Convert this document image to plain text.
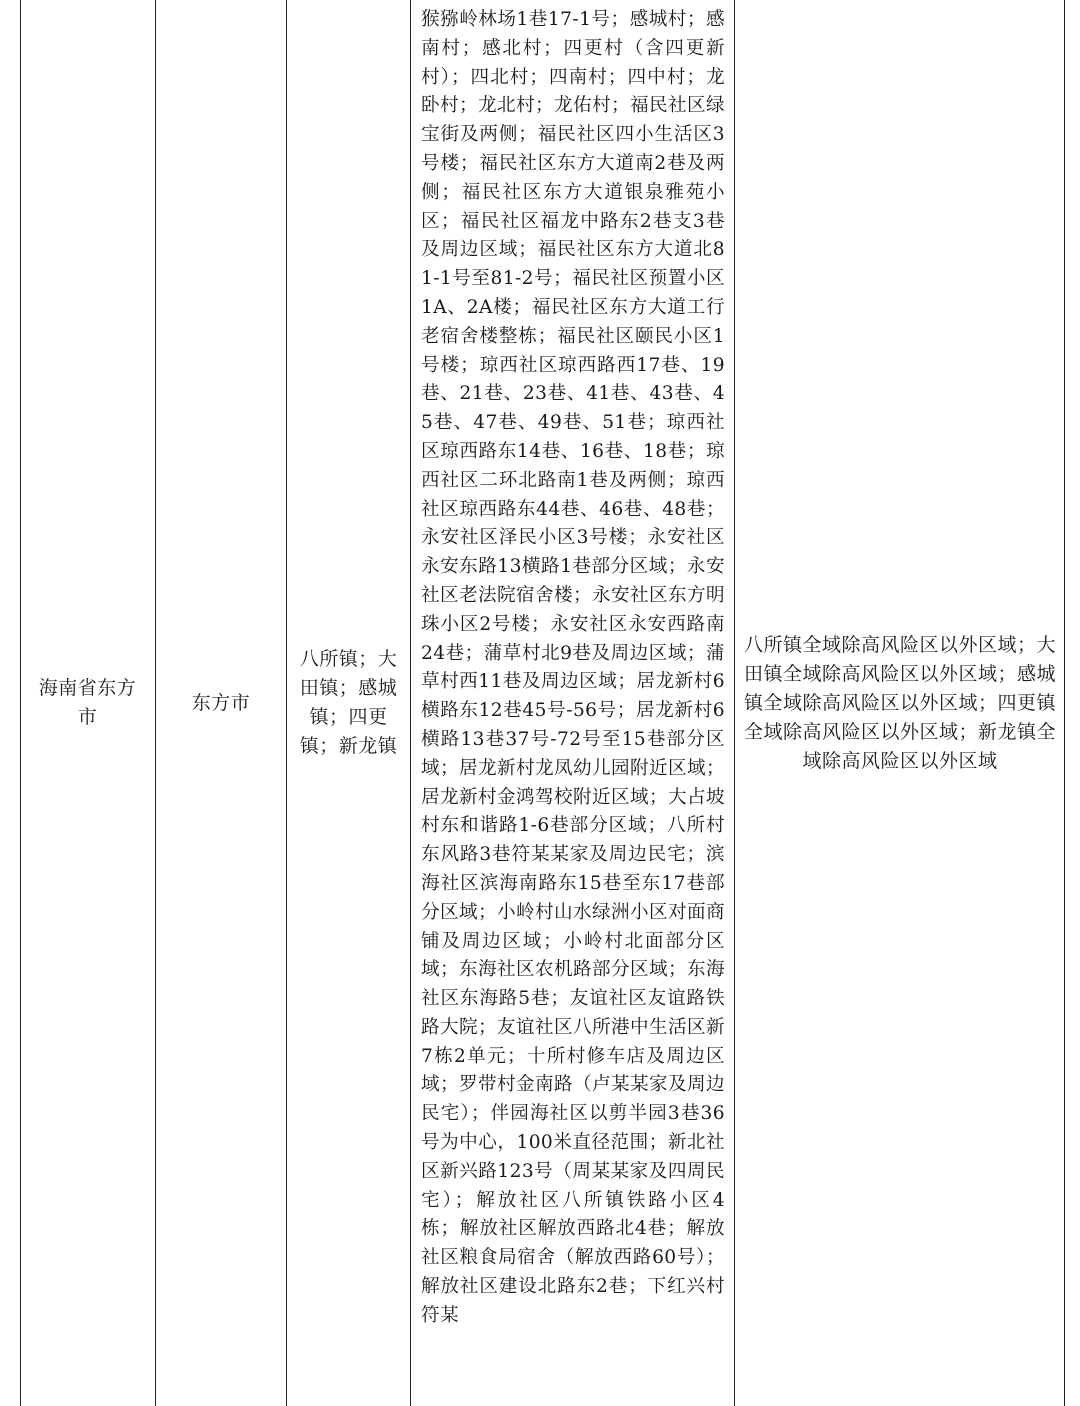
海南省东方市
东方市
八所镇；大田镇；感城镇；四更镇；新龙镇
猴猕岭林场1巷17-1号；感城村；感南村；感北村；四更村（含四更新村）；四北村；四南村；四中村；龙卧村；龙北村；龙佑村；福民社区绿宝街及两侧；福民社区四小生活区3号楼；福民社区东方大道南2巷及两侧；福民社区东方大道银泉雅苑小区；福民社区福龙中路东2巷支3巷及周边区域；福民社区东方大道北81-1号至81-2号；福民社区预置小区1A、2A楼；福民社区东方大道工行老宿舍楼整栋；福民社区颐民小区1号楼；琼西社区琼西路西17巷、19巷、21巷、23巷、41巷、43巷、45巷、47巷、49巷、51巷；琼西社区琼西路东14巷、16巷、18巷；琼西社区二环北路南1巷及两侧；琼西社区琼西路东44巷、46巷、48巷；永安社区泽民小区3号楼；永安社区永安东路13横路1巷部分区域；永安社区老法院宿舍楼；永安社区东方明珠小区2号楼；永安社区永安西路南24巷；蒲草村北9巷及周边区域；蒲草村西11巷及周边区域；居龙新村6横路东12巷45号-56号；居龙新村6横路13巷37号-72号至15巷部分区域；居龙新村龙凤幼儿园附近区域；居龙新村金鸿驾校附近区域；大占坡村东和谐路1-6巷部分区域；八所村东风路3巷符某某家及周边民宅；滨海社区滨海南路东15巷至东17巷部分区域；小岭村山水绿洲小区对面商铺及周边区域；小岭村北面部分区域；东海社区农机路部分区域；东海社区东海路5巷；友谊社区友谊路铁路大院；友谊社区八所港中生活区新7栋2单元；十所村修车店及周边区域；罗带村金南路（卢某某家及周边民宅）；伴园海社区以剪半园3巷36号为中心，100米直径范围；新北社区新兴路123号（周某某家及四周民宅）；解放社区八所镇铁路小区4栋；解放社区解放西路北4巷；解放社区粮食局宿舍（解放西路60号）；解放社区建设北路东2巷；下红兴村符某
八所镇全域除高风险区以外区域；大田镇全域除高风险区以外区域；感城镇全域除高风险区以外区域；四更镇全域除高风险区以外区域；新龙镇全域除高风险区以外区域
